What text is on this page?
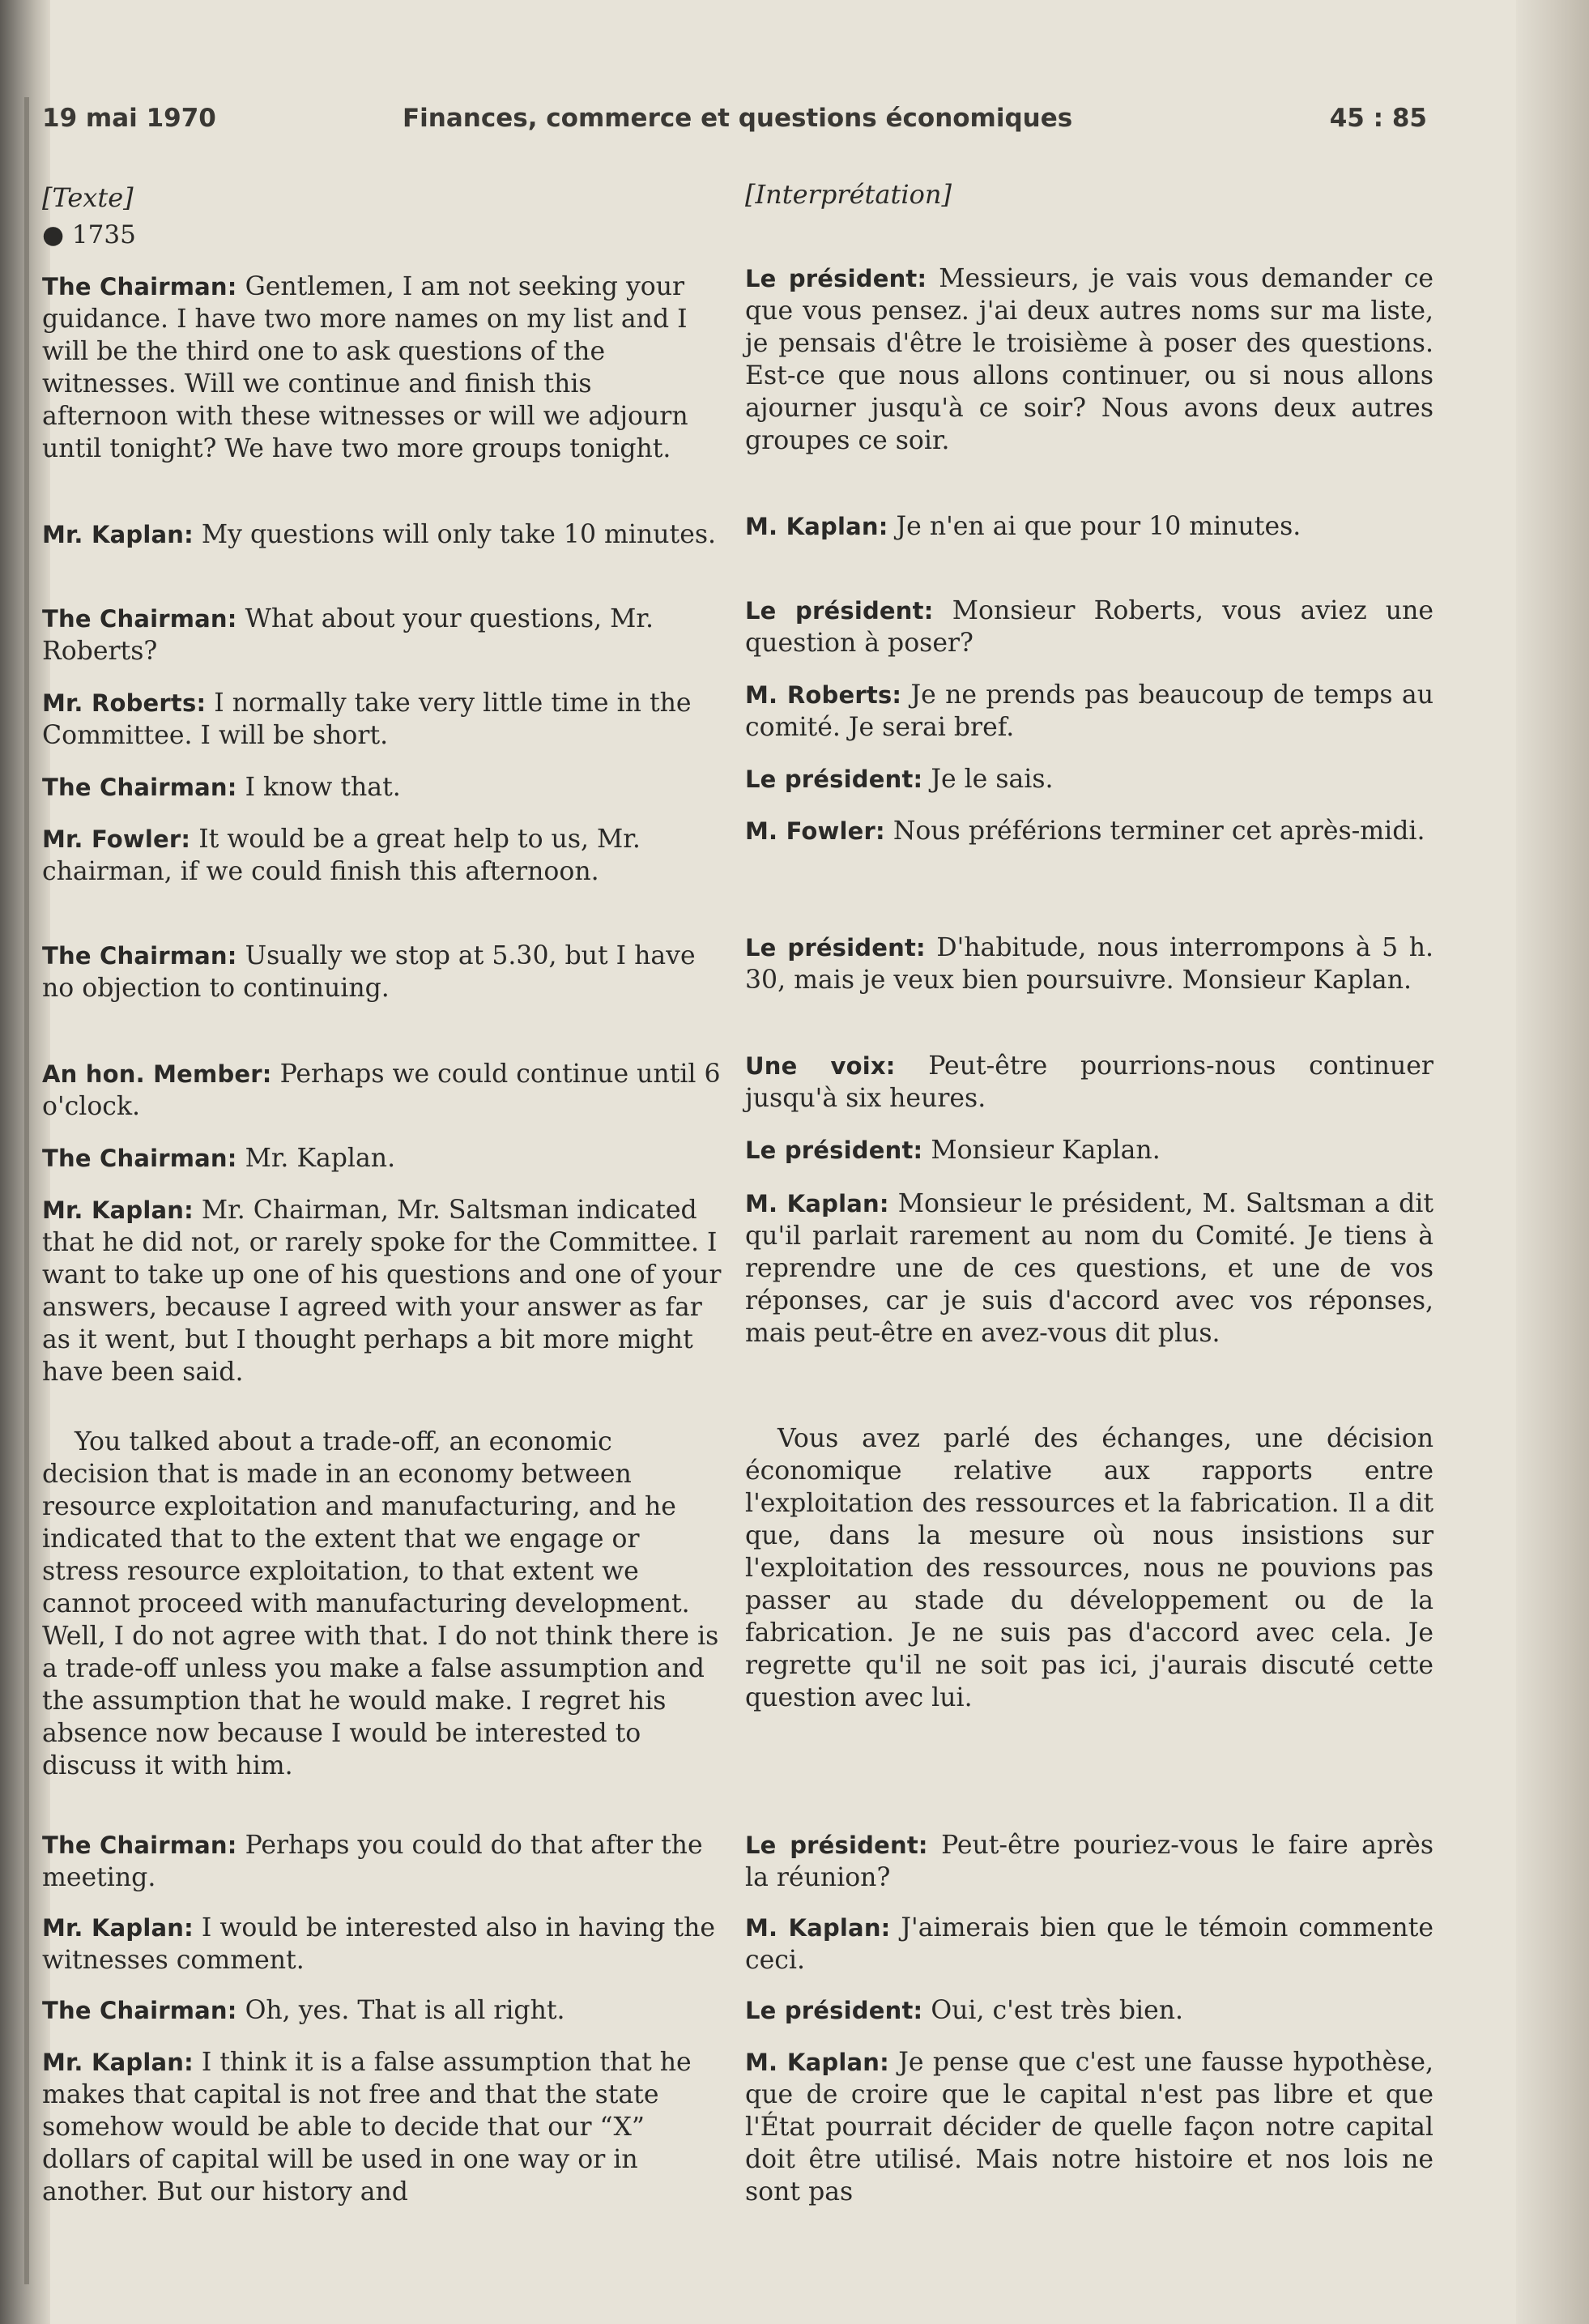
19 mai 1970	Finances, commerce et questions économiques	45 : 85

[Texte]

● 1735

The Chairman: Gentlemen, I am not seeking your guidance. I have two more names on my list and I will be the third one to ask questions of the witnesses. Will we continue and finish this afternoon with these witnesses or will we adjourn until tonight? We have two more groups tonight.

Mr. Kaplan: My questions will only take 10 minutes.

The Chairman: What about your questions, Mr. Roberts?

Mr. Roberts: I normally take very little time in the Committee. I will be short.

The Chairman: I know that.

Mr. Fowler: It would be a great help to us, Mr. chairman, if we could finish this afternoon.

The Chairman: Usually we stop at 5.30, but I have no objection to continuing.

An hon. Member: Perhaps we could continue until 6 o'clock.

The Chairman: Mr. Kaplan.

Mr. Kaplan: Mr. Chairman, Mr. Saltsman indicated that he did not, or rarely spoke for the Committee. I want to take up one of his questions and one of your answers, because I agreed with your answer as far as it went, but I thought perhaps a bit more might have been said.

You talked about a trade-off, an economic decision that is made in an economy between resource exploitation and manufacturing, and he indicated that to the extent that we engage or stress resource exploitation, to that extent we cannot proceed with manufacturing development. Well, I do not agree with that. I do not think there is a trade-off unless you make a false assumption and the assumption that he would make. I regret his absence now because I would be interested to discuss it with him.

The Chairman: Perhaps you could do that after the meeting.

Mr. Kaplan: I would be interested also in having the witnesses comment.

The Chairman: Oh, yes. That is all right.

Mr. Kaplan: I think it is a false assumption that he makes that capital is not free and that the state somehow would be able to decide that our “X” dollars of capital will be used in one way or in another. But our history and

[Interprétation]

Le président: Messieurs, je vais vous demander ce que vous pensez. j'ai deux autres noms sur ma liste, je pensais d'être le troisième à poser des questions. Est-ce que nous allons continuer, ou si nous allons ajourner jusqu'à ce soir? Nous avons deux autres groupes ce soir.

M. Kaplan: Je n'en ai que pour 10 minutes.

Le président: Monsieur Roberts, vous aviez une question à poser?

M. Roberts: Je ne prends pas beaucoup de temps au comité. Je serai bref.

Le président: Je le sais.

M. Fowler: Nous préférions terminer cet après-midi.

Le président: D'habitude, nous interrompons à 5 h. 30, mais je veux bien poursuivre. Monsieur Kaplan.

Une voix: Peut-être pourrions-nous continuer jusqu'à six heures.

Le président: Monsieur Kaplan.

M. Kaplan: Monsieur le président, M. Saltsman a dit qu'il parlait rarement au nom du Comité. Je tiens à reprendre une de ces questions, et une de vos réponses, car je suis d'accord avec vos réponses, mais peut-être en avez-vous dit plus.

Vous avez parlé des échanges, une décision économique relative aux rapports entre l'exploitation des ressources et la fabrication. Il a dit que, dans la mesure où nous insistions sur l'exploitation des ressources, nous ne pouvions pas passer au stade du développement ou de la fabrication. Je ne suis pas d'accord avec cela. Je regrette qu'il ne soit pas ici, j'aurais discuté cette question avec lui.

Le président: Peut-être pouriez-vous le faire après la réunion?

M. Kaplan: J'aimerais bien que le témoin commente ceci.

Le président: Oui, c'est très bien.

M. Kaplan: Je pense que c'est une fausse hypothèse, que de croire que le capital n'est pas libre et que l'État pourrait décider de quelle façon notre capital doit être utilisé. Mais notre histoire et nos lois ne sont pas
